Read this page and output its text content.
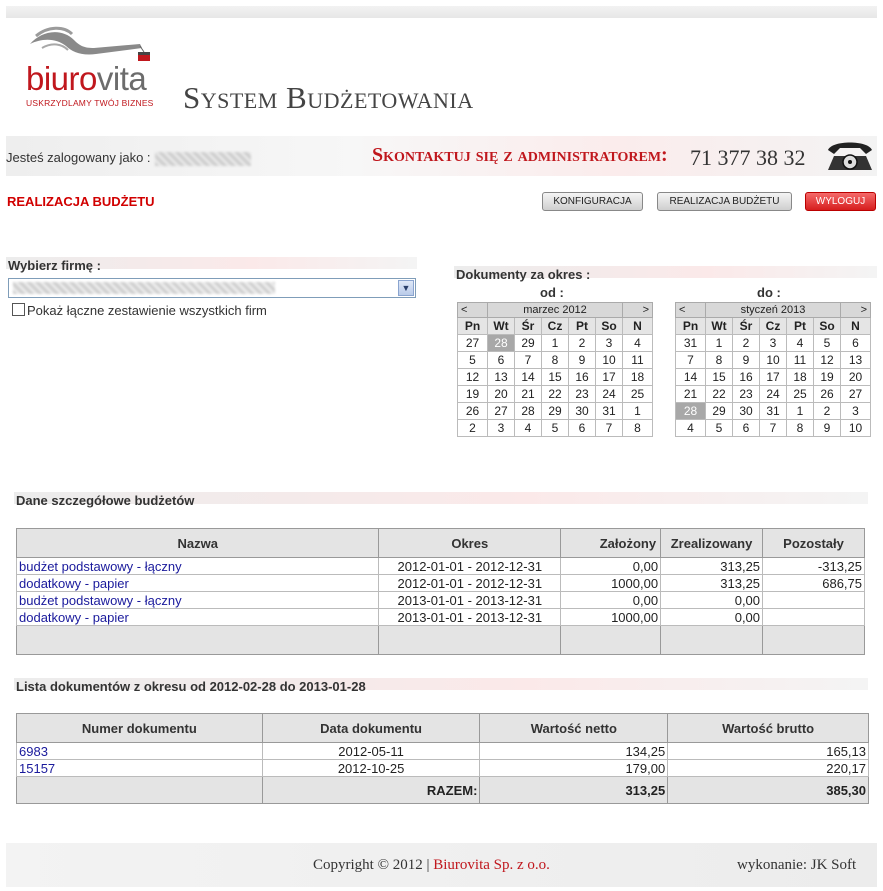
biurovita
USKRZYDLAMY TWÓJ BIZNES System Budżetowania
Jesteś zalogowany jako :	Skontaktuj się z administratorem: 71 377 38 32
REALIZACJA BUDŻETU	KONFIGURACJA	REALIZACJA BUDŻETU	WYLOGUJ
Wybierz firmę :
▼
Pokaż łączne zestawienie wszystkich firm
Dokumenty za okres :
od :	do :
<	marzec 2012					>
Pn	Wt	Śr	Cz	Pt	So	N
27	28	29	1	2	3	4
5	6	7	8	9	10	11
12	13	14	15	16	17	18
19	20	21	22	23	24	25
26	27	28	29	30	31	1
2	3	4	5	6	7	8
<	styczeń 2013					>
Pn	Wt	Śr	Cz	Pt	So	N
31	1	2	3	4	5	6
7	8	9	10	11	12	13
14	15	16	17	18	19	20
21	22	23	24	25	26	27
28	29	30	31	1	2	3
4	5	6	7	8	9	10
Dane szczegółowe budżetów
Nazwa	Okres	Założony	Zrealizowany	Pozostały
budżet podstawowy - łączny	2012-01-01 - 2012-12-31	0,00	313,25	-313,25
dodatkowy - papier	2012-01-01 - 2012-12-31	1000,00	313,25	686,75
budżet podstawowy - łączny	2013-01-01 - 2013-12-31	0,00	0,00	
dodatkowy - papier	2013-01-01 - 2013-12-31	1000,00	0,00	

Lista dokumentów z okresu od 2012-02-28 do 2013-01-28
Numer dokumentu	Data dokumentu	Wartość netto	Wartość brutto
6983	2012-05-11	134,25	165,13
15157	2012-10-25	179,00	220,17
	RAZEM:	313,25	385,30
Copyright © 2012 | Biurovita Sp. z o.o.	wykonanie: JK Soft
